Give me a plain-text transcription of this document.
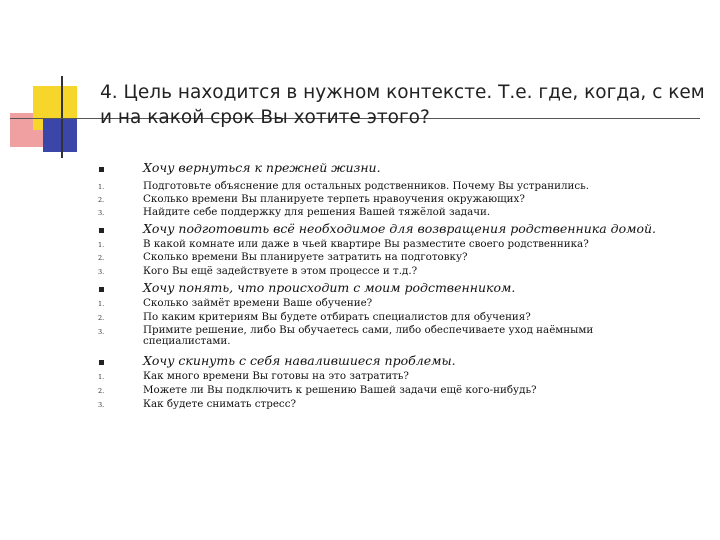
4. Цель находится в нужном контексте. Т.е. где, когда, с кем
и на какой срок Вы хотите этого?
Хочу вернуться к прежней жизни.
1.	Подготовьте объяснение для остальных родственников. Почему Вы устранились.
2.	Сколько времени Вы планируете терпеть нравоучения окружающих?
3.	Найдите себе поддержку для решения Вашей тяжёлой задачи.
Хочу подготовить всё необходимое для возвращения родственника домой.
1.	В какой комнате или даже в чьей квартире Вы разместите своего родственника?
2.	Сколько времени Вы планируете затратить на подготовку?
3.	Кого Вы ещё задействуете в этом процессе и т.д.?
Хочу понять, что происходит с моим родственником.
1.	Сколько займёт времени Ваше обучение?
2.	По каким критериям Вы будете отбирать специалистов для обучения?
3.	Примите решение, либо Вы обучаетесь сами, либо обеспечиваете уход наёмными специалистами.
Хочу скинуть с себя навалившиеся проблемы.
1.	Как много времени Вы готовы на это затратить?
2.	Можете ли Вы подключить к решению Вашей задачи ещё кого-нибудь?
3.	Как будете снимать стресс?
